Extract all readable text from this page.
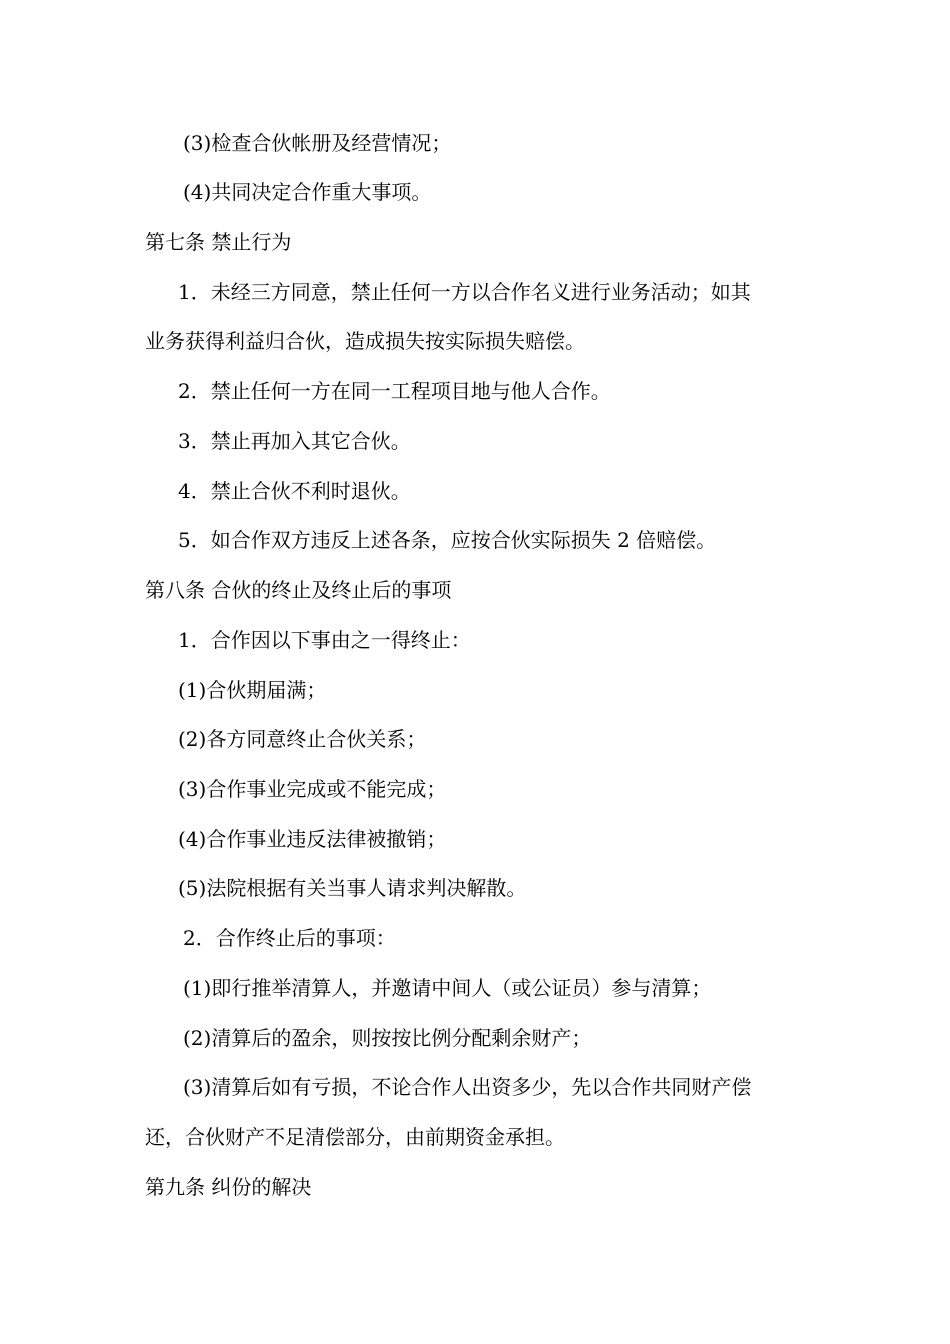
(3)检查合伙帐册及经营情况；
(4)共同决定合作重大事项。
第七条 禁止行为
1．未经三方同意，禁止任何一方以合作名义进行业务活动；如其
业务获得利益归合伙，造成损失按实际损失赔偿。
2．禁止任何一方在同一工程项目地与他人合作。
3．禁止再加入其它合伙。
4．禁止合伙不利时退伙。
5．如合作双方违反上述各条，应按合伙实际损失 2 倍赔偿。
第八条 合伙的终止及终止后的事项
1．合作因以下事由之一得终止：
(1)合伙期届满；
(2)各方同意终止合伙关系；
(3)合作事业完成或不能完成；
(4)合作事业违反法律被撤销；
(5)法院根据有关当事人请求判决解散。
2．合作终止后的事项：
(1)即行推举清算人，并邀请中间人（或公证员）参与清算；
(2)清算后的盈余，则按按比例分配剩余财产；
(3)清算后如有亏损，不论合作人出资多少，先以合作共同财产偿
还，合伙财产不足清偿部分，由前期资金承担。
第九条 纠份的解决
